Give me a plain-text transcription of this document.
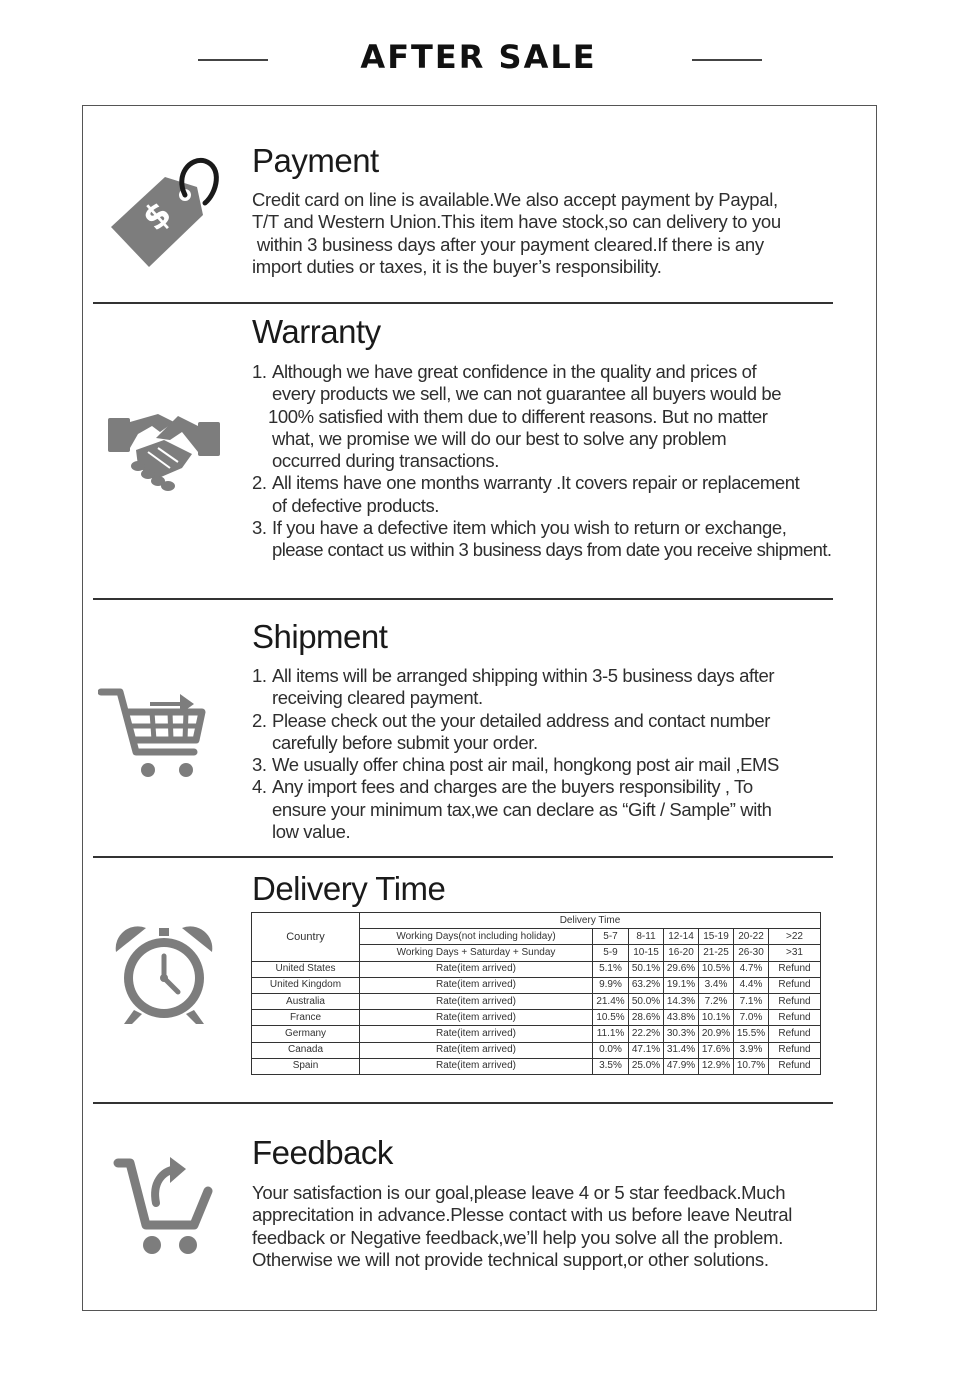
AFTER SALE
$
Payment
Credit card on line is available.We also accept payment by Paypal,
T/T and Western Union.This item have stock,so can delivery to you
within 3 business days after your payment cleared.If there is any
import duties or taxes, it is the buyer’s responsibility.
Warranty
1. Although we have great confidence in the quality and prices of
every products we sell, we can not guarantee all buyers would be
100% satisfied with them due to different reasons. But no matter
what, we promise we will do our best to solve any problem
occurred during transactions.
2. All items have one months warranty .It covers repair or replacement
of defective products.
3. If you have a defective item which you wish to return or exchange,
please contact us within 3 business days from date you receive shipment.
Shipment
1. All items will be arranged shipping within 3-5 business days after
receiving cleared payment.
2. Please check out the your detailed address and contact number
carefully before submit your order.
3. We usually offer china post air mail, hongkong post air mail ,EMS
4. Any import fees and charges are the buyers responsibility , To
ensure your minimum tax,we can declare as “Gift / Sample” with
low value.
Delivery Time
Country	Delivery Time						
	Working Days(not including holiday)	5-7	8-11	12-14	15-19	20-22	>22
	Working Days + Saturday + Sunday	5-9	10-15	16-20	21-25	26-30	>31
United States	Rate(item arrived)	5.1%	50.1%	29.6%	10.5%	4.7%	Refund
United Kingdom	Rate(item arrived)	9.9%	63.2%	19.1%	3.4%	4.4%	Refund
Australia	Rate(item arrived)	21.4%	50.0%	14.3%	7.2%	7.1%	Refund
France	Rate(item arrived)	10.5%	28.6%	43.8%	10.1%	7.0%	Refund
Germany	Rate(item arrived)	11.1%	22.2%	30.3%	20.9%	15.5%	Refund
Canada	Rate(item arrived)	0.0%	47.1%	31.4%	17.6%	3.9%	Refund
Spain	Rate(item arrived)	3.5%	25.0%	47.9%	12.9%	10.7%	Refund
Feedback
Your satisfaction is our goal,please leave 4 or 5 star feedback.Much
apprecitation in advance.Plesse contact with us before leave Neutral
feedback or Negative feedback,we’ll help you solve all the problem.
Otherwise we will not provide technical support,or other solutions.
